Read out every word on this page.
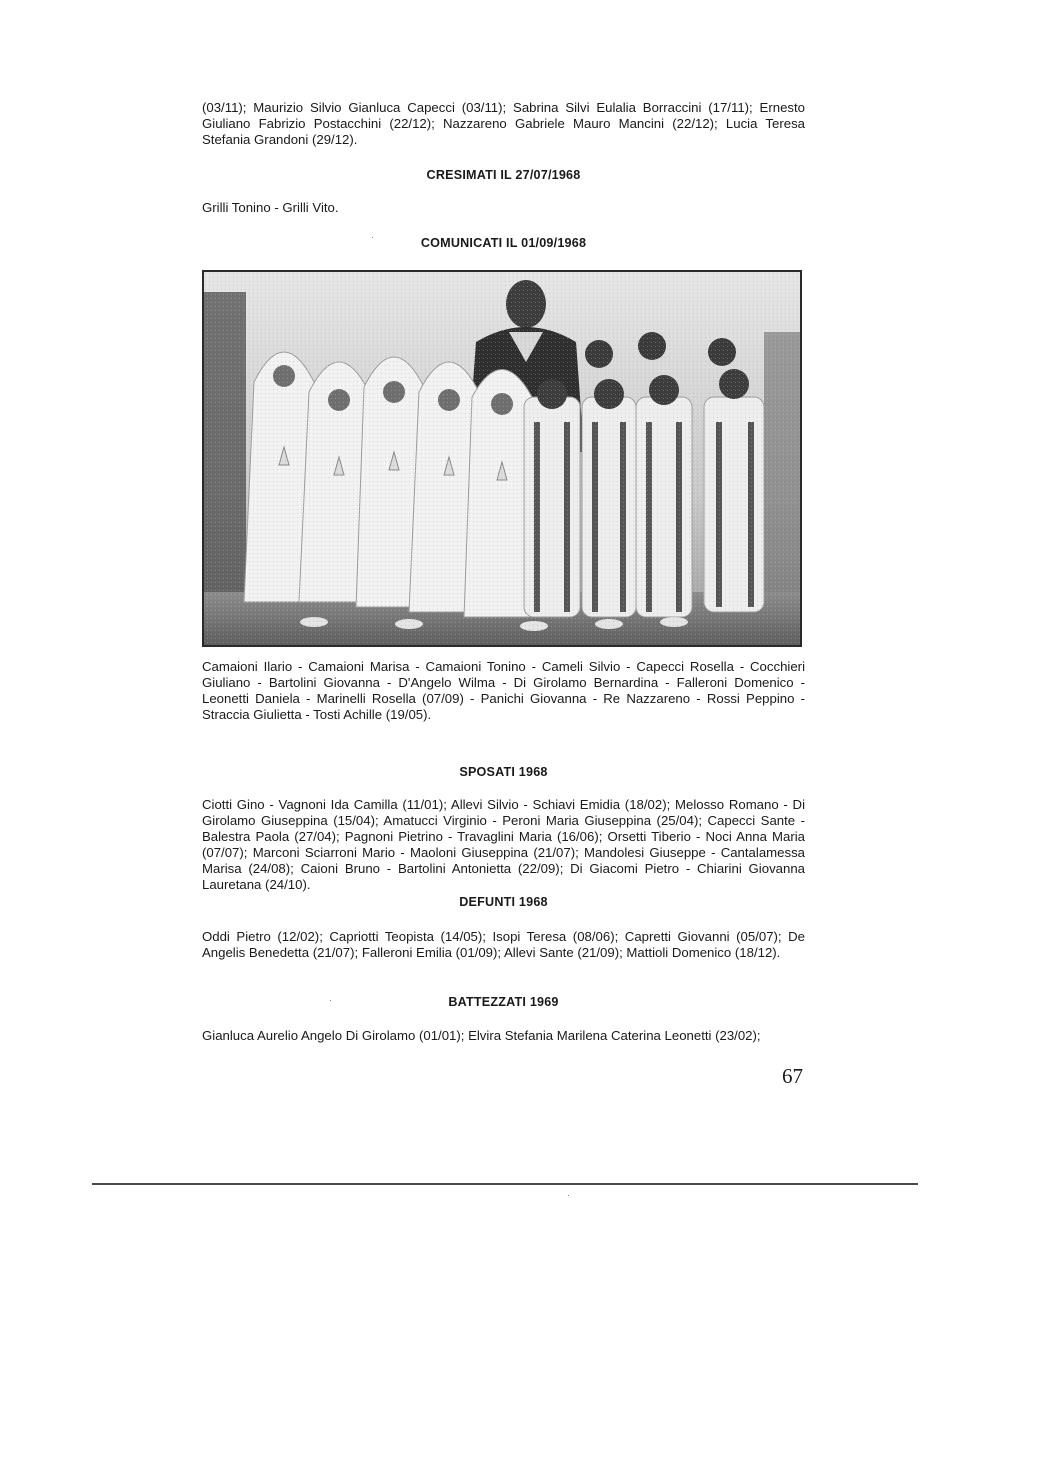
(03/11); Maurizio Silvio Gianluca Capecci (03/11); Sabrina Silvi Eulalia Borraccini (17/11); Ernesto Giuliano Fabrizio Postacchini (22/12); Nazzareno Gabriele Mauro Mancini (22/12); Lucia Teresa Stefania Grandoni (29/12).

CRESIMATI IL 27/07/1968

Grilli Tonino - Grilli Vito.

COMUNICATI IL 01/09/1968

Camaioni Ilario - Camaioni Marisa - Camaioni Tonino - Cameli Silvio - Capecci Rosella - Cocchieri Giuliano - Bartolini Giovanna - D'Angelo Wilma - Di Girolamo Bernardina - Falleroni Domenico - Leonetti Daniela - Marinelli Rosella (07/09) - Panichi Giovanna - Re Nazzareno - Rossi Peppino - Straccia Giulietta - Tosti Achille (19/05).

SPOSATI 1968

Ciotti Gino - Vagnoni Ida Camilla (11/01); Allevi Silvio - Schiavi Emidia (18/02); Melosso Romano - Di Girolamo Giuseppina (15/04); Amatucci Virginio - Peroni Maria Giuseppina (25/04); Capecci Sante - Balestra Paola (27/04); Pagnoni Pietrino - Travaglini Maria (16/06); Orsetti Tiberio - Noci Anna Maria (07/07); Marconi Sciarroni Mario - Maoloni Giuseppina (21/07); Mandolesi Giuseppe - Cantalamessa Marisa (24/08); Caioni Bruno - Bartolini Antonietta (22/09); Di Giacomi Pietro - Chiarini Giovanna Lauretana (24/10).

DEFUNTI 1968

Oddi Pietro (12/02); Capriotti Teopista (14/05); Isopi Teresa (08/06); Capretti Giovanni (05/07); De Angelis Benedetta (21/07); Falleroni Emilia (01/09); Allevi Sante (21/09); Mattioli Domenico (18/12).

BATTEZZATI 1969

Gianluca Aurelio Angelo Di Girolamo (01/01); Elvira Stefania Marilena Caterina Leonetti (23/02);

67
